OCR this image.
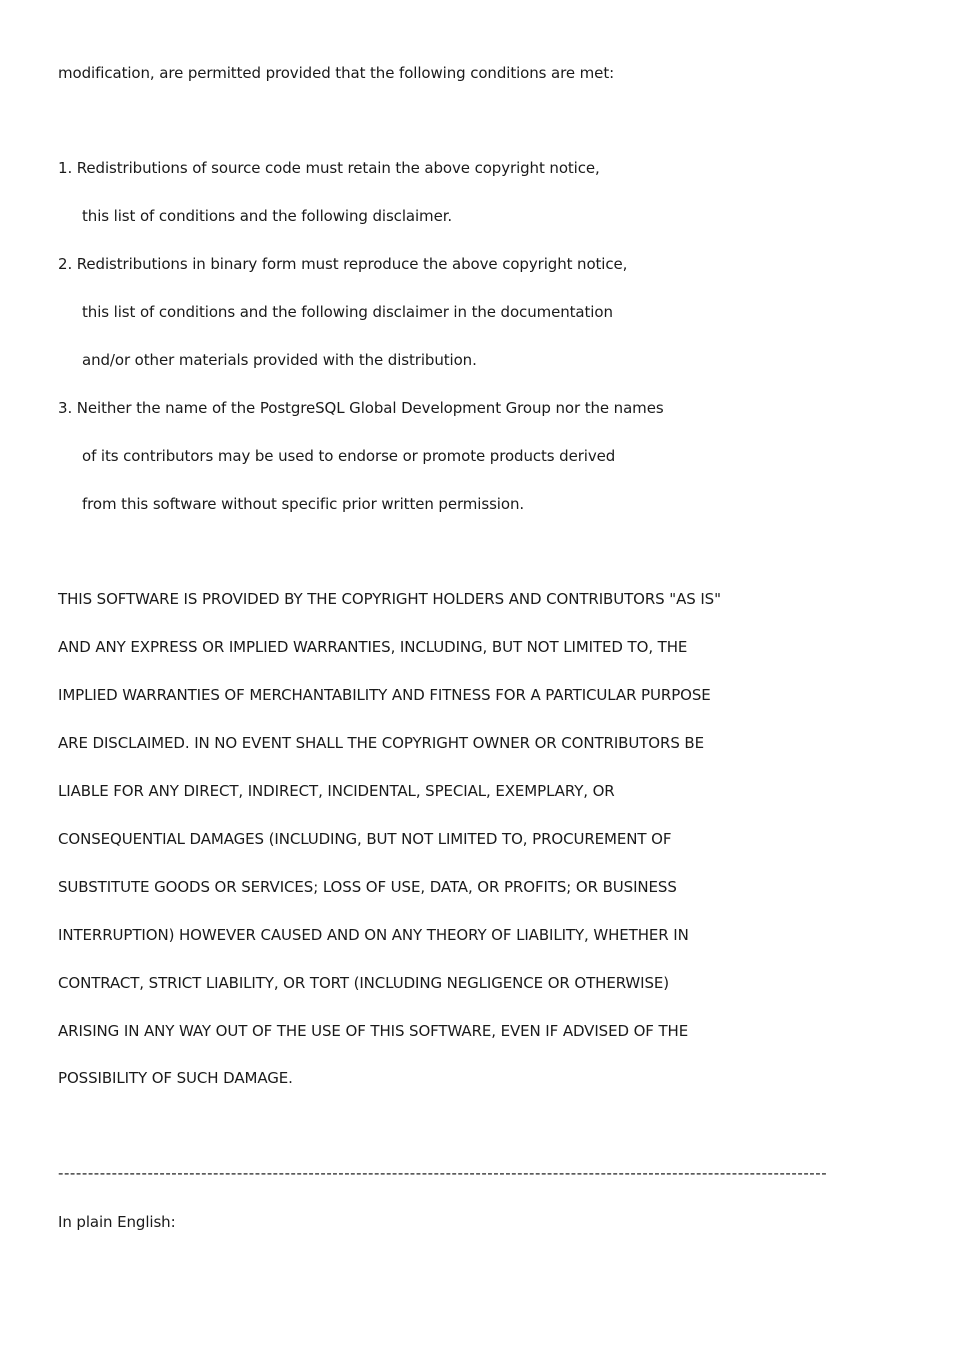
modification, are permitted provided that the following conditions are met:
1. Redistributions of source code must retain the above copyright notice,
this list of conditions and the following disclaimer.
2. Redistributions in binary form must reproduce the above copyright notice,
this list of conditions and the following disclaimer in the documentation
and/or other materials provided with the distribution.
3. Neither the name of the PostgreSQL Global Development Group nor the names
of its contributors may be used to endorse or promote products derived
from this software without specific prior written permission.
THIS SOFTWARE IS PROVIDED BY THE COPYRIGHT HOLDERS AND CONTRIBUTORS "AS IS"
AND ANY EXPRESS OR IMPLIED WARRANTIES, INCLUDING, BUT NOT LIMITED TO, THE
IMPLIED WARRANTIES OF MERCHANTABILITY AND FITNESS FOR A PARTICULAR PURPOSE
ARE DISCLAIMED. IN NO EVENT SHALL THE COPYRIGHT OWNER OR CONTRIBUTORS BE
LIABLE FOR ANY DIRECT, INDIRECT, INCIDENTAL, SPECIAL, EXEMPLARY, OR
CONSEQUENTIAL DAMAGES (INCLUDING, BUT NOT LIMITED TO, PROCUREMENT OF
SUBSTITUTE GOODS OR SERVICES; LOSS OF USE, DATA, OR PROFITS; OR BUSINESS
INTERRUPTION) HOWEVER CAUSED AND ON ANY THEORY OF LIABILITY, WHETHER IN
CONTRACT, STRICT LIABILITY, OR TORT (INCLUDING NEGLIGENCE OR OTHERWISE)
ARISING IN ANY WAY OUT OF THE USE OF THIS SOFTWARE, EVEN IF ADVISED OF THE
POSSIBILITY OF SUCH DAMAGE.
---------------------------------------------------------------------------------------------------------------------------------
In plain English:
